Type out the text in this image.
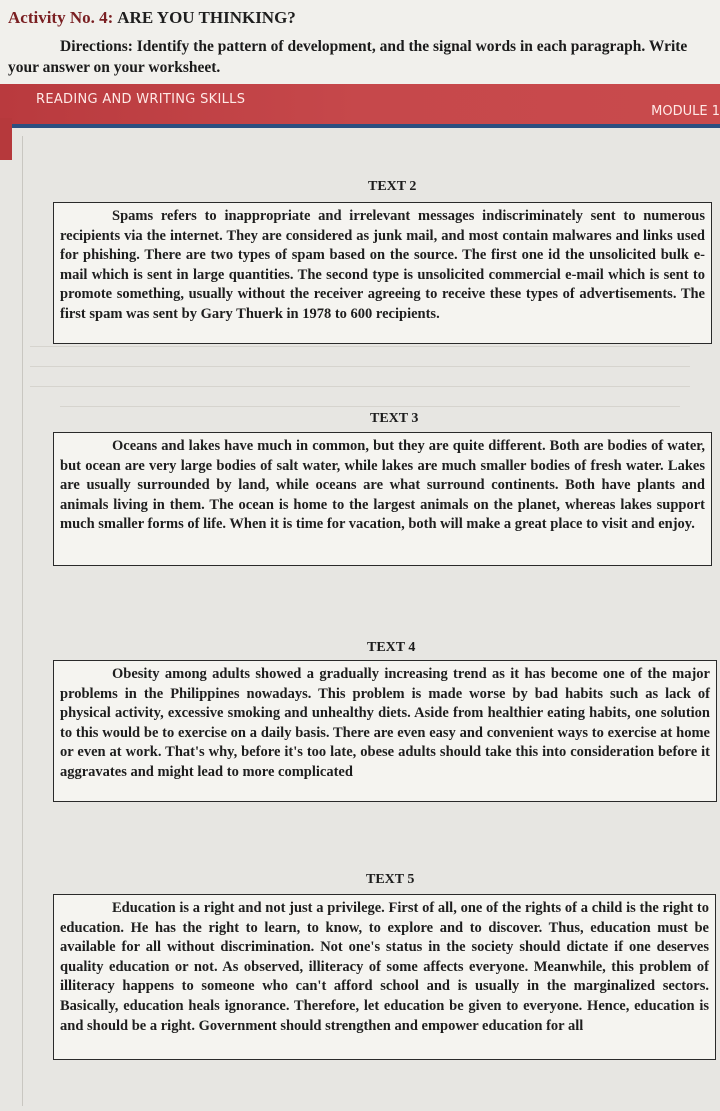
Activity No. 4: ARE YOU THINKING?

Directions: Identify the pattern of development, and the signal words in each paragraph. Write your answer on your worksheet.

READING AND WRITING SKILLS
MODULE 1
TEXT 2

Spams refers to inappropriate and irrelevant messages indiscriminately sent to numerous recipients via the internet. They are considered as junk mail, and most contain malwares and links used for phishing. There are two types of spam based on the source. The first one id the unsolicited bulk e-mail which is sent in large quantities. The second type is unsolicited commercial e-mail which is sent to promote something, usually without the receiver agreeing to receive these types of advertisements. The first spam was sent by Gary Thuerk in 1978 to 600 recipients.

TEXT 3

Oceans and lakes have much in common, but they are quite different. Both are bodies of water, but ocean are very large bodies of salt water, while lakes are much smaller bodies of fresh water. Lakes are usually surrounded by land, while oceans are what surround continents. Both have plants and animals living in them. The ocean is home to the largest animals on the planet, whereas lakes support much smaller forms of life. When it is time for vacation, both will make a great place to visit and enjoy.

TEXT 4

Obesity among adults showed a gradually increasing trend as it has become one of the major problems in the Philippines nowadays. This problem is made worse by bad habits such as lack of physical activity, excessive smoking and unhealthy diets. Aside from healthier eating habits, one solution to this would be to exercise on a daily basis. There are even easy and convenient ways to exercise at home or even at work. That's why, before it's too late, obese adults should take this into consideration before it aggravates and might lead to more complicated

TEXT 5

Education is a right and not just a privilege. First of all, one of the rights of a child is the right to education. He has the right to learn, to know, to explore and to discover. Thus, education must be available for all without discrimination. Not one's status in the society should dictate if one deserves quality education or not. As observed, illiteracy of some affects everyone. Meanwhile, this problem of illiteracy happens to someone who can't afford school and is usually in the marginalized sectors. Basically, education heals ignorance. Therefore, let education be given to everyone. Hence, education is and should be a right. Government should strengthen and empower education for all
